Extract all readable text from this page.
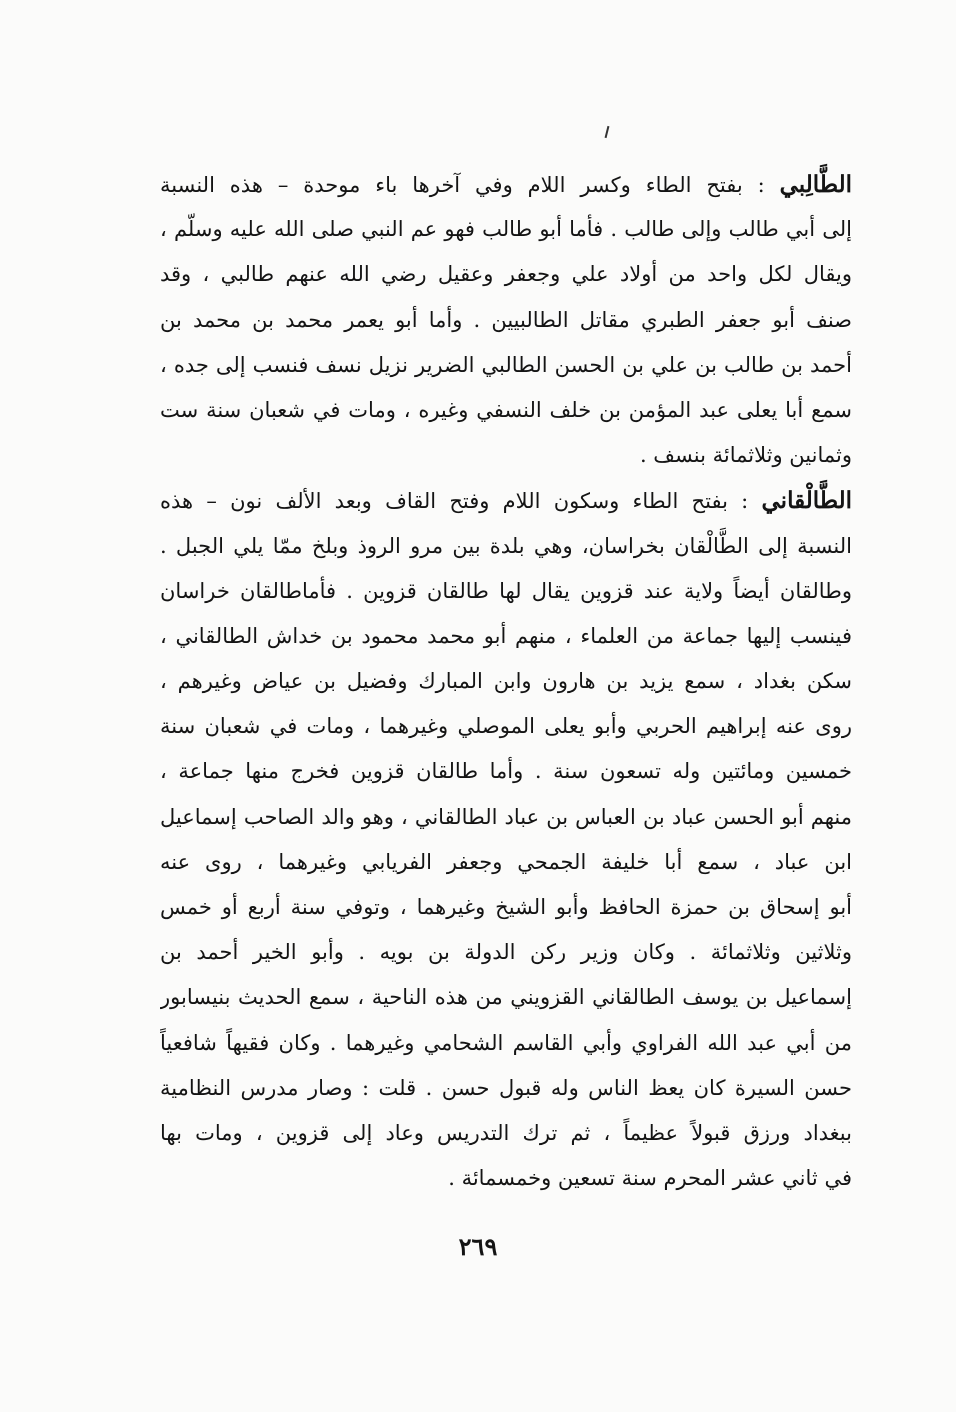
الطَّالِبي : بفتح الطاء وكسر اللام وفي آخرها باء موحدة – هذه النسبة
إلى أبي طالب وإلى طالب . فأما أبو طالب فهو عم النبي صلى الله عليه وسلّم ،
ويقال لكل واحد من أولاد علي وجعفر وعقيل رضي الله عنهم طالبي ، وقد
صنف أبو جعفر الطبري مقاتل الطالبيين . وأما أبو يعمر محمد بن محمد بن
أحمد بن طالب بن علي بن الحسن الطالبي الضرير نزيل نسف فنسب إلى جده ،
سمع أبا يعلى عبد المؤمن بن خلف النسفي وغيره ، ومات في شعبان سنة ست
وثمانين وثلاثمائة بنسف .
الطَّالْقاني : بفتح الطاء وسكون اللام وفتح القاف وبعد الألف نون – هذه
النسبة إلى الطَّالْقان بخراسان، وهي بلدة بين مرو الروذ وبلخ ممّا يلي الجبل .
وطالقان أيضاً ولاية عند قزوين يقال لها طالقان قزوين . فأماطالقان خراسان
فينسب إليها جماعة من العلماء ، منهم أبو محمد محمود بن خداش الطالقاني ،
سكن بغداد ، سمع يزيد بن هارون وابن المبارك وفضيل بن عياض وغيرهم ،
روى عنه إبراهيم الحربي وأبو يعلى الموصلي وغيرهما ، ومات في شعبان سنة
خمسين ومائتين وله تسعون سنة . وأما طالقان قزوين فخرج منها جماعة ،
منهم أبو الحسن عباد بن العباس بن عباد الطالقاني ، وهو والد الصاحب إسماعيل
ابن عباد ، سمع أبا خليفة الجمحي وجعفر الفريابي وغيرهما ، روى عنه
أبو إسحاق بن حمزة الحافظ وأبو الشيخ وغيرهما ، وتوفي سنة أربع أو خمس
وثلاثين وثلاثمائة . وكان وزير ركن الدولة بن بويه . وأبو الخير أحمد بن
إسماعيل بن يوسف الطالقاني القزويني من هذه الناحية ، سمع الحديث بنيسابور
من أبي عبد الله الفراوي وأبي القاسم الشحامي وغيرهما . وكان فقيهاً شافعياً
حسن السيرة كان يعظ الناس وله قبول حسن . قلت : وصار مدرس النظامية
ببغداد ورزق قبولاً عظيماً ، ثم ترك التدريس وعاد إلى قزوين ، ومات بها
في ثاني عشر المحرم سنة تسعين وخمسمائة .
٢٦٩
